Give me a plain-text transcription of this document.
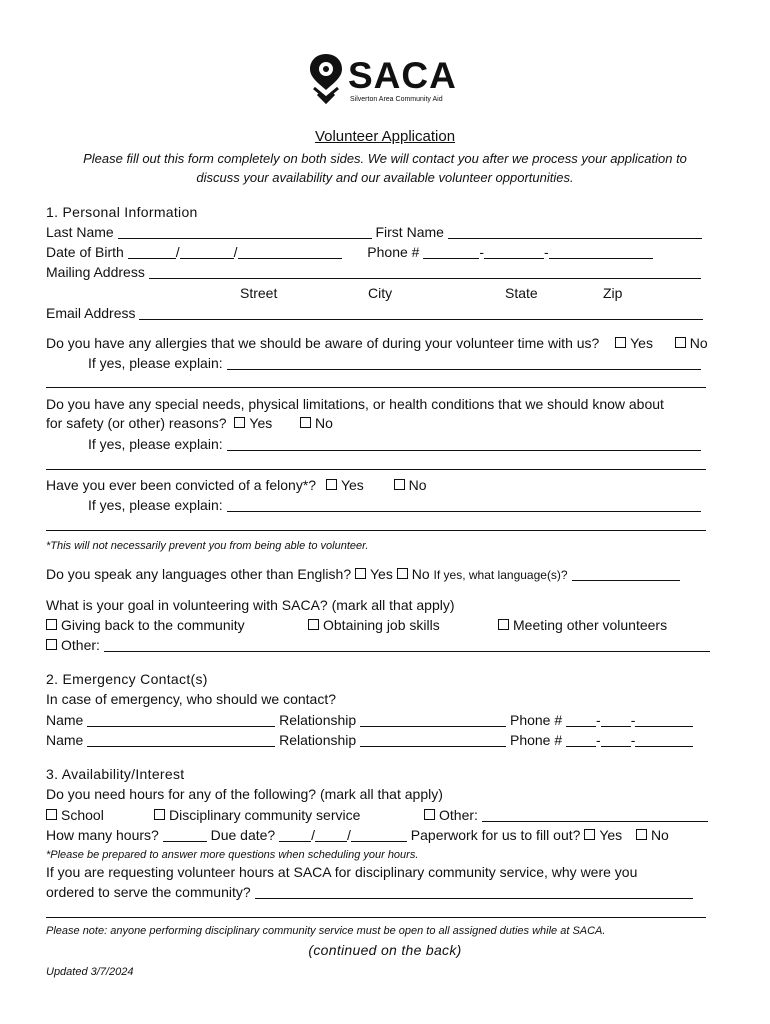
SACA
Silverton Area Community Aid
Volunteer Application
Please fill out this form completely on both sides. We will contact you after we process your application to
discuss your availability and our available volunteer opportunities.
1. Personal Information
Last Name	First Name
Date of Birth	/	/	Phone #	-	-
Mailing Address
Street	City	State	Zip
Email Address
Do you have any allergies that we should be aware of during your volunteer time with us? Yes	No
If yes, please explain:
Do you have any special needs, physical limitations, or health conditions that we should know about
for safety (or other) reasons? Yes	No
If yes, please explain:
Have you ever been convicted of a felony*? Yes	No
If yes, please explain:
*This will not necessarily prevent you from being able to volunteer.
Do you speak any languages other than English? Yes No If yes, what language(s)?
What is your goal in volunteering with SACA? (mark all that apply)
Giving back to the community	Obtaining job skills	Meeting other volunteers
Other:
2. Emergency Contact(s)
In case of emergency, who should we contact?
Name	Relationship	Phone # - -
Name	Relationship	Phone # - -
3. Availability/Interest
Do you need hours for any of the following? (mark all that apply)
School	Disciplinary community service	Other:
How many hours?	Due date?	/ /	Paperwork for us to fill out? Yes No
*Please be prepared to answer more questions when scheduling your hours.
If you are requesting volunteer hours at SACA for disciplinary community service, why were you
ordered to serve the community?
Please note: anyone performing disciplinary community service must be open to all assigned duties while at SACA.
(continued on the back)
Updated 3/7/2024
